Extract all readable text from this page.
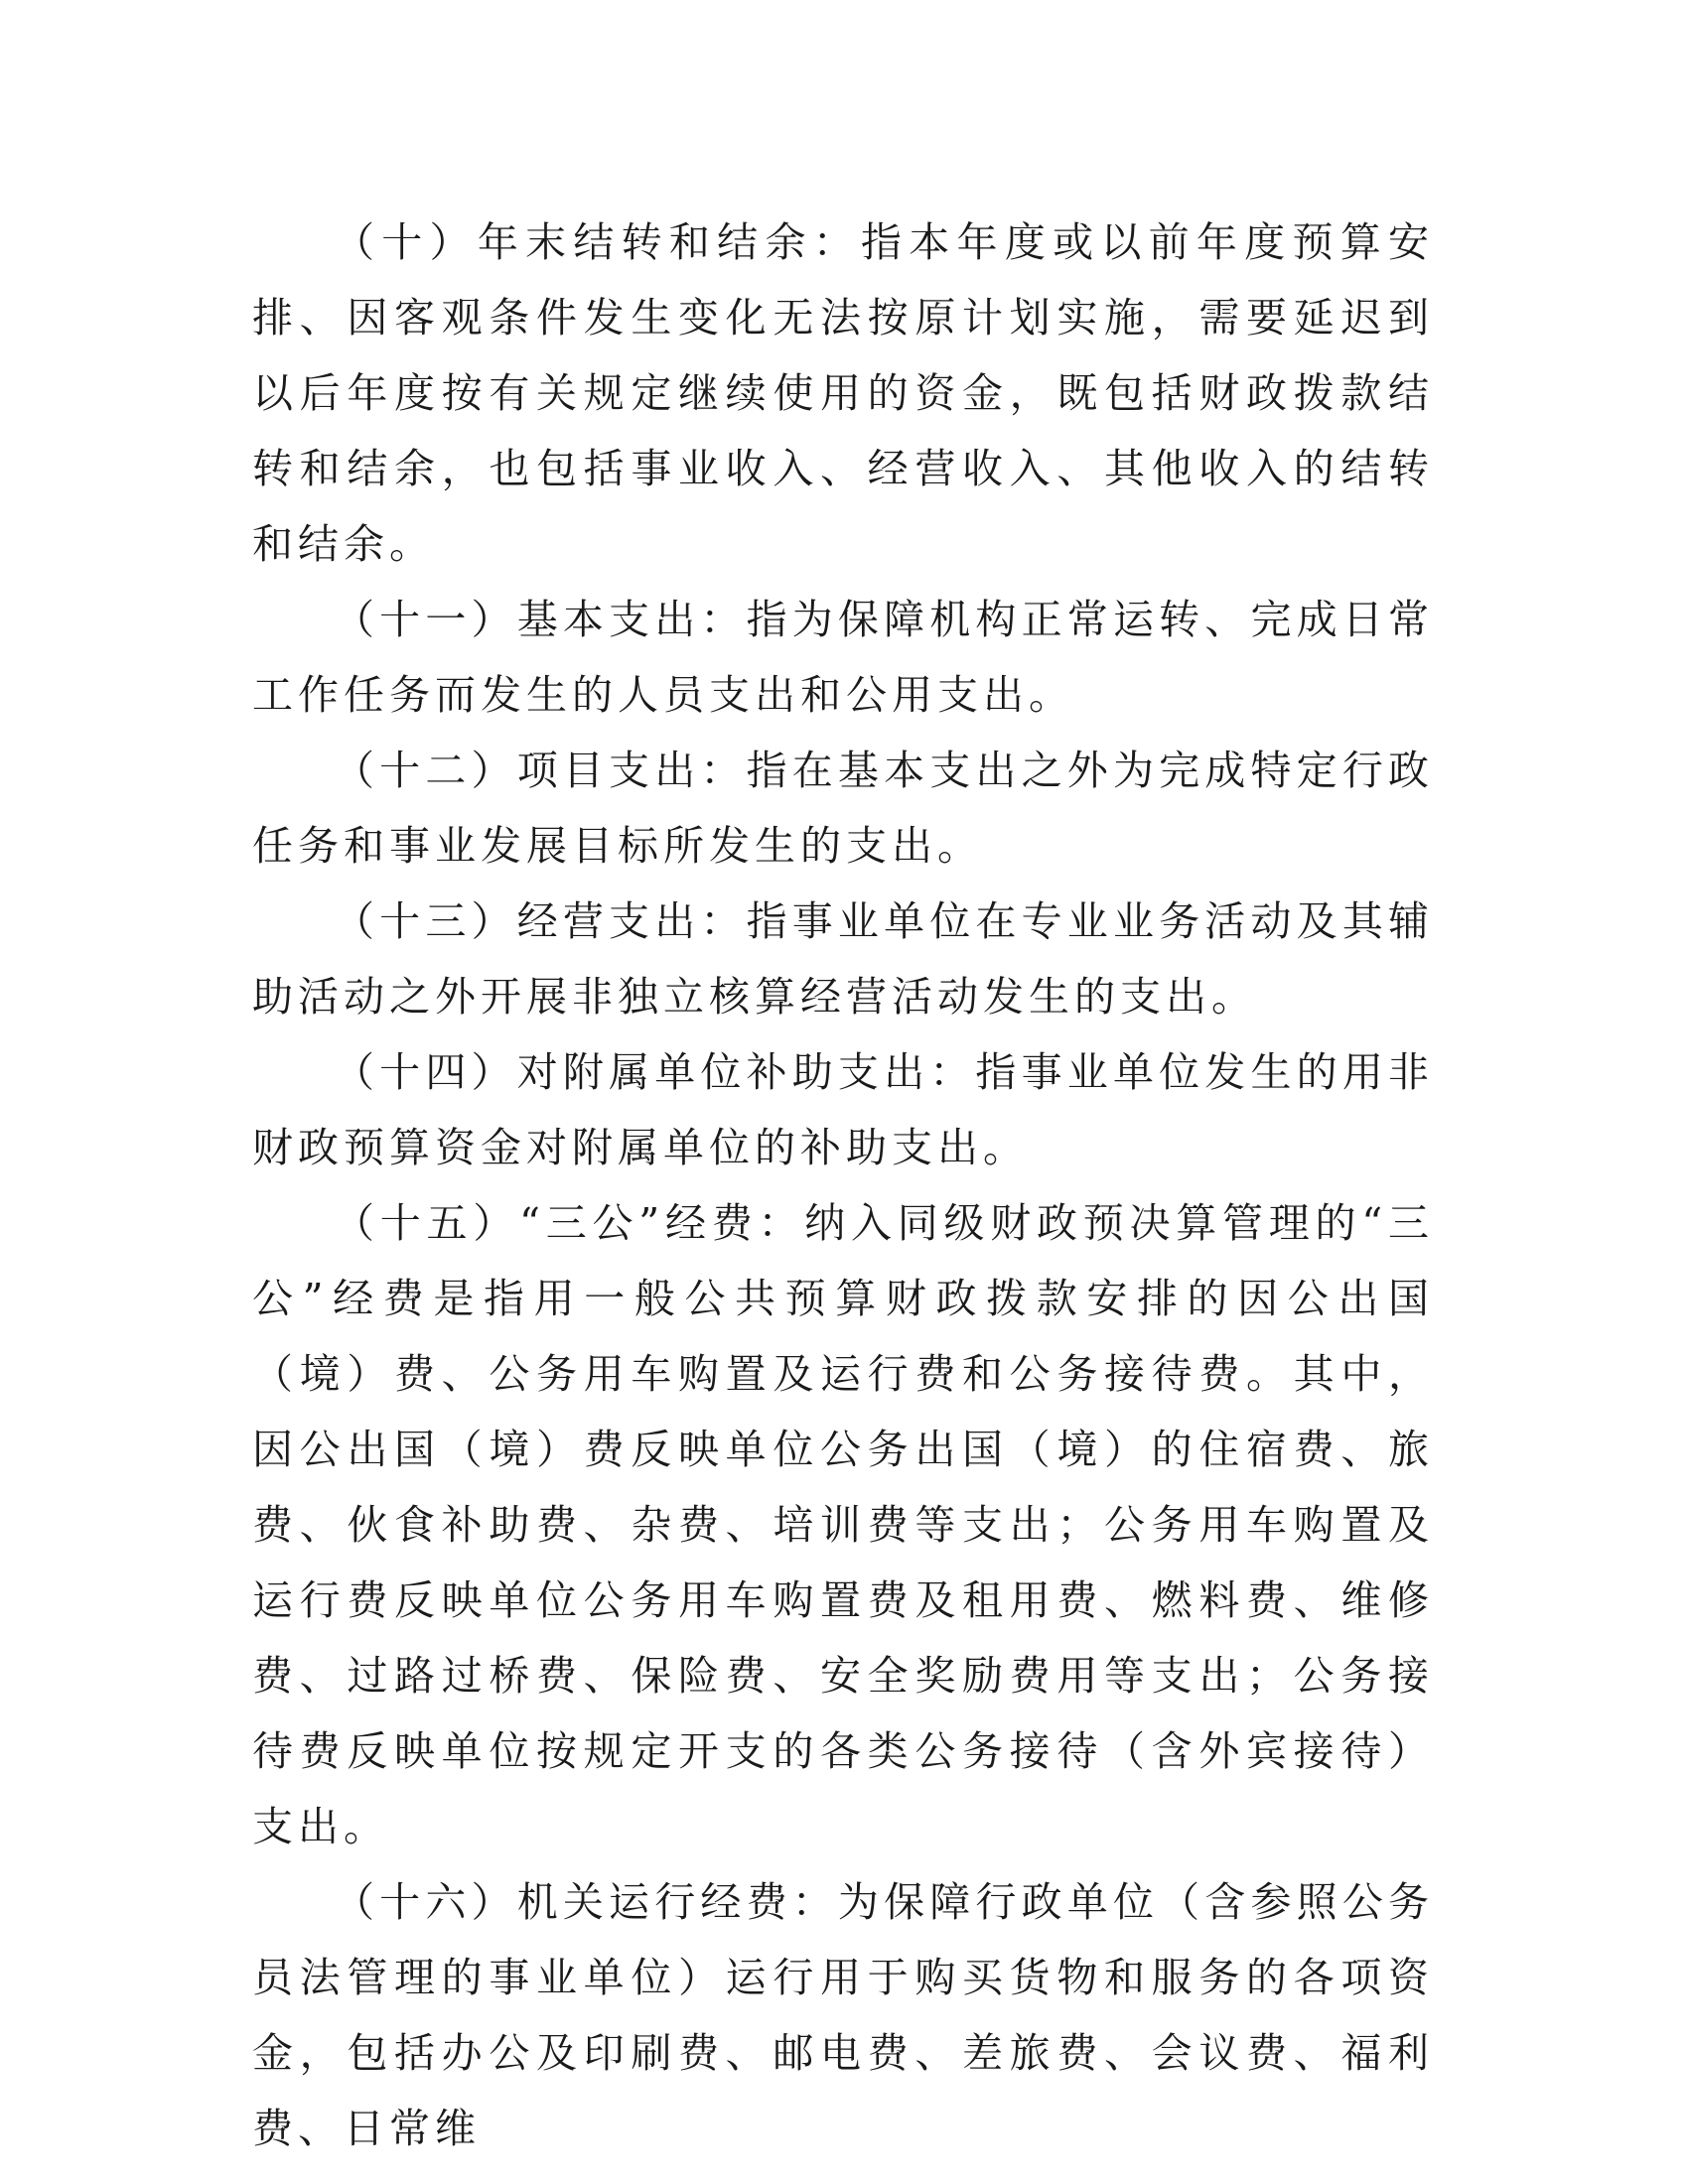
（十）年末结转和结余：指本年度或以前年度预算安排、因客观条件发生变化无法按原计划实施，需要延迟到以后年度按有关规定继续使用的资金，既包括财政拨款结转和结余，也包括事业收入、经营收入、其他收入的结转和结余。

（十一）基本支出：指为保障机构正常运转、完成日常工作任务而发生的人员支出和公用支出。

（十二）项目支出：指在基本支出之外为完成特定行政任务和事业发展目标所发生的支出。

（十三）经营支出：指事业单位在专业业务活动及其辅助活动之外开展非独立核算经营活动发生的支出。

（十四）对附属单位补助支出：指事业单位发生的用非财政预算资金对附属单位的补助支出。

（十五）“三公”经费：纳入同级财政预决算管理的“三公”经费是指用一般公共预算财政拨款安排的因公出国（境）费、公务用车购置及运行费和公务接待费。其中，因公出国（境）费反映单位公务出国（境）的住宿费、旅费、伙食补助费、杂费、培训费等支出；公务用车购置及运行费反映单位公务用车购置费及租用费、燃料费、维修费、过路过桥费、保险费、安全奖励费用等支出；公务接待费反映单位按规定开支的各类公务接待（含外宾接待）支出。

（十六）机关运行经费：为保障行政单位（含参照公务员法管理的事业单位）运行用于购买货物和服务的各项资金，包括办公及印刷费、邮电费、差旅费、会议费、福利费、日常维
